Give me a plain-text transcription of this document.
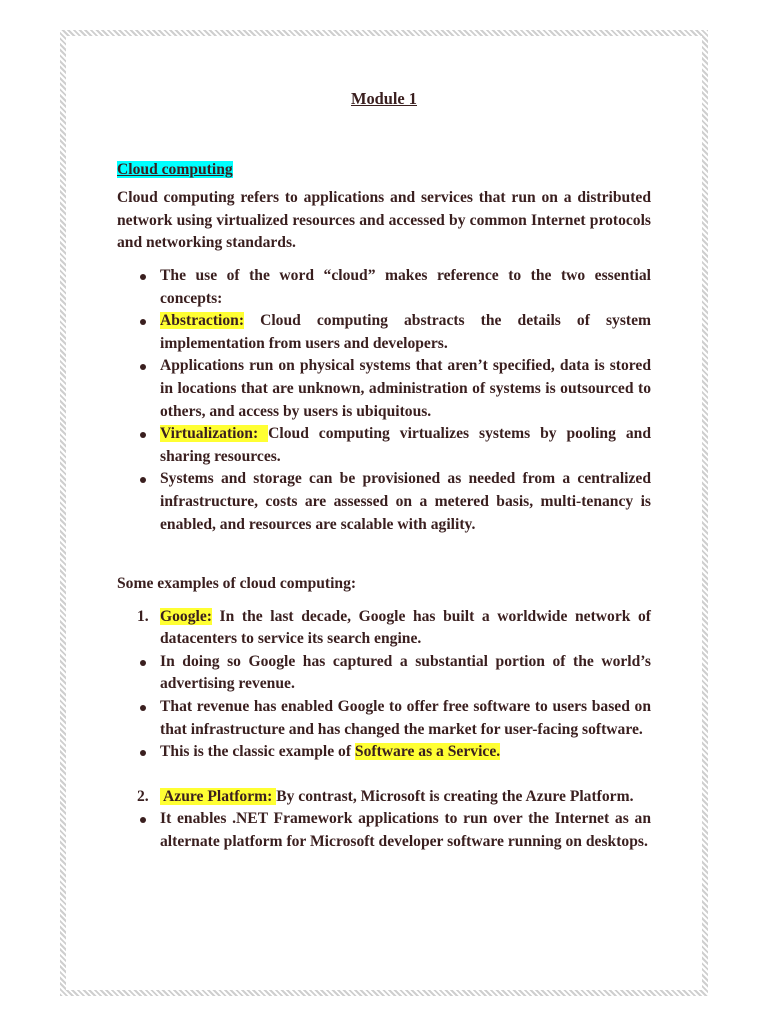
Module 1
Cloud computing

Cloud computing refers to applications and services that run on a distributed network using virtualized resources and accessed by common Internet protocols and networking standards.

The use of the word “cloud” makes reference to the two essential concepts:
Abstraction: Cloud computing abstracts the details of system implementation from users and developers.
Applications run on physical systems that aren’t specified, data is stored in locations that are unknown, administration of systems is outsourced to others, and access by users is ubiquitous.
Virtualization: Cloud computing virtualizes systems by pooling and sharing resources.
Systems and storage can be provisioned as needed from a centralized infrastructure, costs are assessed on a metered basis, multi-tenancy is enabled, and resources are scalable with agility.
Some examples of cloud computing:
1. Google: In the last decade, Google has built a worldwide network of datacenters to service its search engine.
In doing so Google has captured a substantial portion of the world’s advertising revenue.
That revenue has enabled Google to offer free software to users based on that infrastructure and has changed the market for user-facing software.
This is the classic example of Software as a Service.
2. Azure Platform: By contrast, Microsoft is creating the Azure Platform.
It enables .NET Framework applications to run over the Internet as an alternate platform for Microsoft developer software running on desktops.
